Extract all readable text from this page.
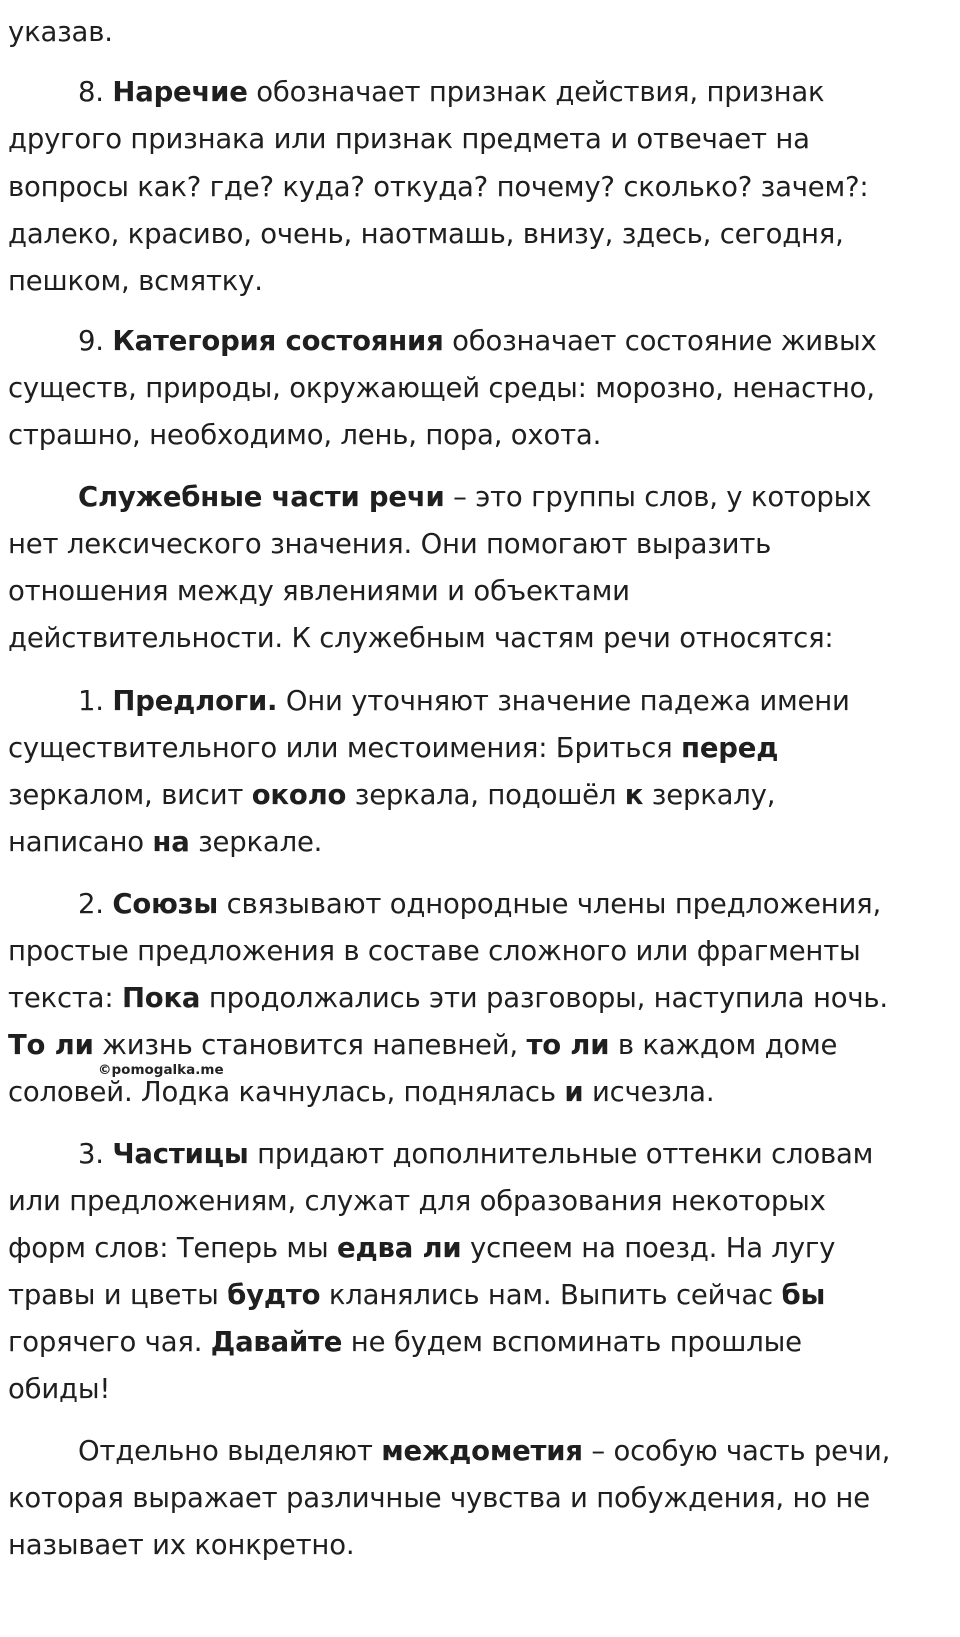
указав.
8. Наречие обозначает признак действия, признак
другого признака или признак предмета и отвечает на
вопросы как? где? куда? откуда? почему? сколько? зачем?:
далеко, красиво, очень, наотмашь, внизу, здесь, сегодня,
пешком, всмятку.
9. Категория состояния обозначает состояние живых
существ, природы, окружающей среды: морозно, ненастно,
страшно, необходимо, лень, пора, охота.
Служебные части речи – это группы слов, у которых
нет лексического значения. Они помогают выразить
отношения между явлениями и объектами
действительности. К служебным частям речи относятся:
1. Предлоги. Они уточняют значение падежа имени
существительного или местоимения: Бриться перед
зеркалом, висит около зеркала, подошёл к зеркалу,
написано на зеркале.
2. Союзы связывают однородные члены предложения,
простые предложения в составе сложного или фрагменты
текста: Пока продолжались эти разговоры, наступила ночь.
То ли жизнь становится напевней, то ли в каждом доме
соловей. Лодка качнулась, поднялась и исчезла.
3. Частицы придают дополнительные оттенки словам
или предложениям, служат для образования некоторых
форм слов: Теперь мы едва ли успеем на поезд. На лугу
травы и цветы будто кланялись нам. Выпить сейчас бы
горячего чая. Давайте не будем вспоминать прошлые
обиды!
Отдельно выделяют междометия – особую часть речи,
которая выражает различные чувства и побуждения, но не
называет их конкретно.
©pomogalka.me
